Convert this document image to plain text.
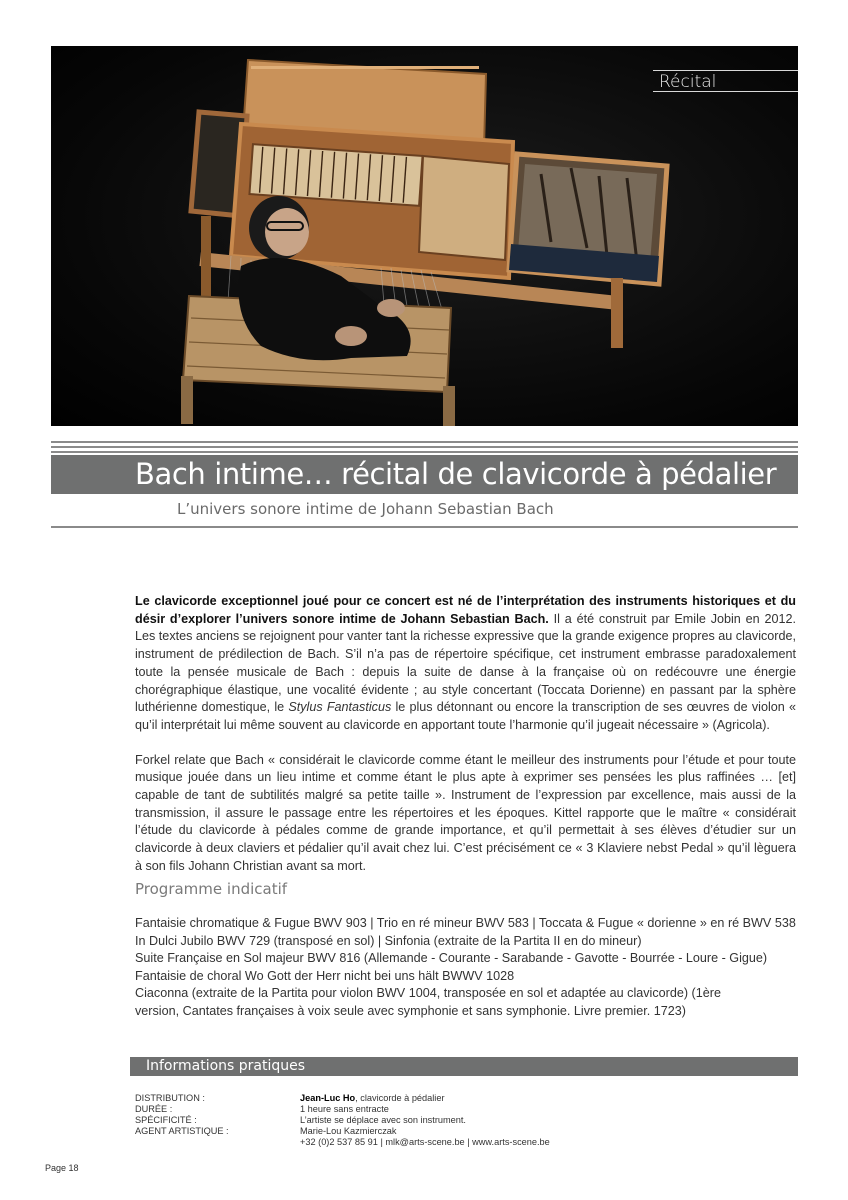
Récital
Bach intime… récital de clavicorde à pédalier
L’univers sonore intime de Johann Sebastian Bach

Le clavicorde exceptionnel joué pour ce concert est né de l’interprétation des instruments historiques et du désir d’explorer l’univers sonore intime de Johann Sebastian Bach. Il a été construit par Emile Jobin en 2012. Les textes anciens se rejoignent pour vanter tant la richesse expressive que la grande exigence propres au clavicorde, instrument de prédilection de Bach. S’il n’a pas de répertoire spécifique, cet instrument embrasse paradoxalement toute la pensée musicale de Bach : depuis la suite de danse à la française où on redécouvre une énergie chorégraphique élastique, une vocalité évidente ; au style concertant (Toccata Dorienne) en passant par la sphère luthérienne domestique, le Stylus Fantasticus le plus détonnant ou encore la transcription de ses œuvres de violon « qu’il interprétait lui même souvent au clavicorde en apportant toute l’harmonie qu’il jugeait nécessaire » (Agricola).

Forkel relate que Bach « considérait le clavicorde comme étant le meilleur des instruments pour l’étude et pour toute musique jouée dans un lieu intime et comme étant le plus apte à exprimer ses pensées les plus raffinées … [et] capable de tant de subtilités malgré sa petite taille ». Instrument de l’expression par excellence, mais aussi de la transmission, il assure le passage entre les répertoires et les époques. Kittel rapporte que le maître « considérait l’étude du clavicorde à pédales comme de grande importance, et qu’il permettait à ses élèves d’étudier sur un clavicorde à deux claviers et pédalier qu’il avait chez lui. C’est précisément ce « 3 Klaviere nebst Pedal » qu’il lèguera à son fils Johann Christian avant sa mort.

Programme indicatif
Fantaisie chromatique & Fugue BWV 903 | Trio en ré mineur BWV 583 | Toccata & Fugue « dorienne » en ré BWV 538
In Dulci Jubilo BWV 729 (transposé en sol) | Sinfonia (extraite de la Partita II en do mineur)
Suite Française en Sol majeur BWV 816 (Allemande - Courante - Sarabande - Gavotte - Bourrée - Loure - Gigue)
Fantaisie de choral Wo Gott der Herr nicht bei uns hält BWWV 1028
Ciaconna (extraite de la Partita pour violon BWV 1004, transposée en sol et adaptée au clavicorde) (1ère
version, Cantates françaises à voix seule avec symphonie et sans symphonie. Livre premier. 1723)
Informations pratiques
DISTRIBUTION :	Jean-Luc Ho, clavicorde à pédalier
DURÉE :	1 heure sans entracte
SPÉCIFICITÉ :	L’artiste se déplace avec son instrument.
AGENT ARTISTIQUE :	Marie-Lou Kazmierczak
+32 (0)2 537 85 91 | mlk@arts-scene.be | www.arts-scene.be
Page 18
